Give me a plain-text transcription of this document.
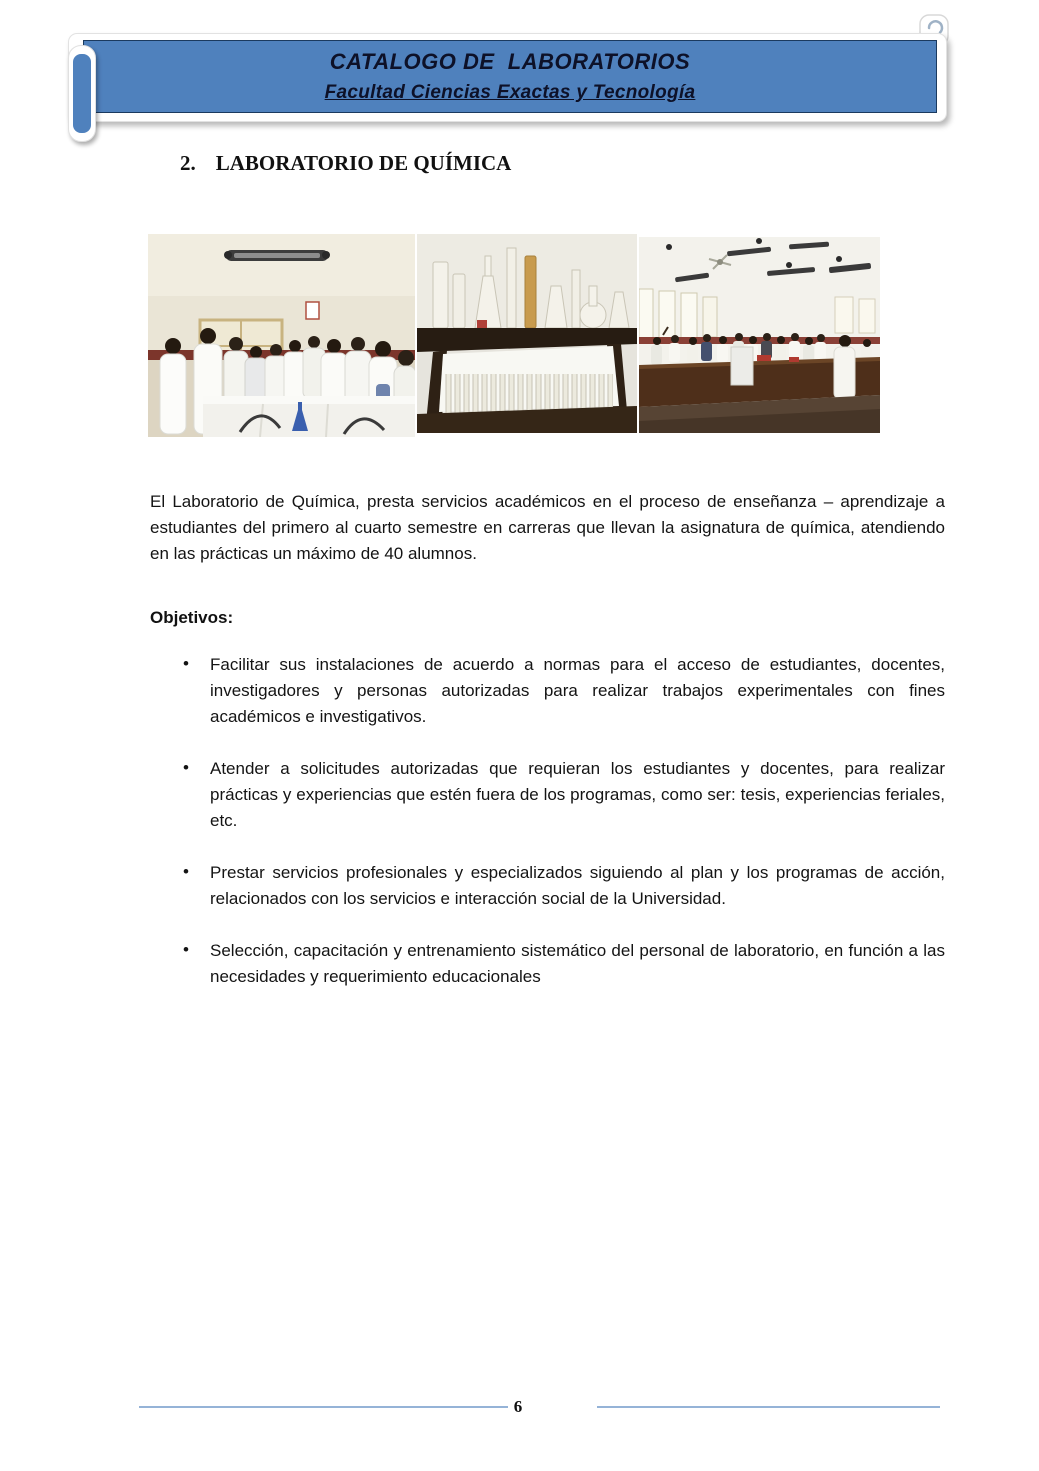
CATALOGO DE  LABORATORIOS
Facultad Ciencias Exactas y Tecnología
2. LABORATORIO DE QUÍMICA

El Laboratorio de Química, presta servicios académicos en el proceso de enseñanza – aprendizaje a estudiantes del primero al cuarto semestre en carreras que llevan la asignatura de química, atendiendo en las prácticas un máximo de 40 alumnos.

Objetivos:

• Facilitar sus instalaciones de acuerdo a normas para el acceso de estudiantes, docentes, investigadores y personas autorizadas para realizar trabajos experimentales con fines académicos e investigativos.
• Atender a solicitudes autorizadas que requieran los estudiantes y docentes, para realizar prácticas y experiencias que estén fuera de los programas, como ser: tesis, experiencias feriales, etc.
• Prestar servicios profesionales y especializados siguiendo al plan y los programas de acción, relacionados con los servicios e interacción social de la Universidad.
• Selección, capacitación y entrenamiento sistemático del personal de laboratorio, en función a las necesidades y requerimiento educacionales
6
